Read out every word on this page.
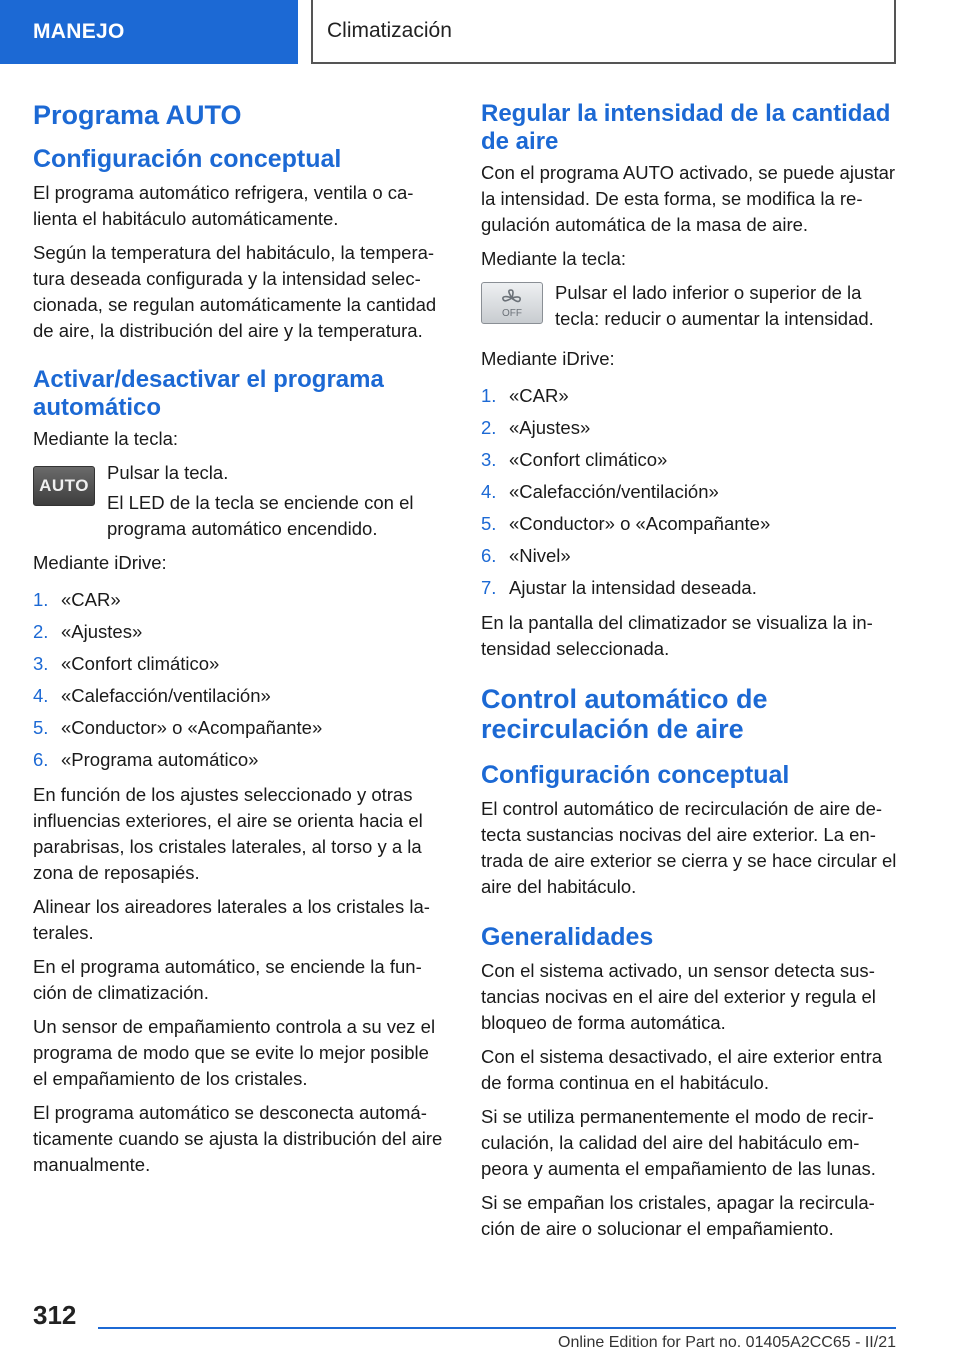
MANEJO	Climatización
Programa AUTO
Configuración conceptual

El programa automático refrigera, ventila o calienta el habitáculo automáticamente.

Según la temperatura del habitáculo, la temperatura deseada configurada y la intensidad seleccionada, se regulan automáticamente la cantidad de aire, la distribución del aire y la temperatura.

Activar/desactivar el programa automático

Mediante la tecla:

AUTO

Pulsar la tecla.

El LED de la tecla se enciende con el programa automático encendido.

Mediante iDrive:

1. «CAR»
2. «Ajustes»
3. «Confort climático»
4. «Calefacción/ventilación»
5. «Conductor» o «Acompañante»
6. «Programa automático»

En función de los ajustes seleccionado y otras influencias exteriores, el aire se orienta hacia el parabrisas, los cristales laterales, al torso y a la zona de reposapiés.

Alinear los aireadores laterales a los cristales laterales.

En el programa automático, se enciende la función de climatización.

Un sensor de empañamiento controla a su vez el programa de modo que se evite lo mejor posible el empañamiento de los cristales.

El programa automático se desconecta automáticamente cuando se ajusta la distribución del aire manualmente.

Regular la intensidad de la cantidad de aire

Con el programa AUTO activado, se puede ajustar la intensidad. De esta forma, se modifica la regulación automática de la masa de aire.

Mediante la tecla:

OFF

Pulsar el lado inferior o superior de la tecla: reducir o aumentar la intensidad.

Mediante iDrive:

1. «CAR»
2. «Ajustes»
3. «Confort climático»
4. «Calefacción/ventilación»
5. «Conductor» o «Acompañante»
6. «Nivel»
7. Ajustar la intensidad deseada.

En la pantalla del climatizador se visualiza la intensidad seleccionada.

Control automático de recirculación de aire
Configuración conceptual

El control automático de recirculación de aire detecta sustancias nocivas del aire exterior. La entrada de aire exterior se cierra y se hace circular el aire del habitáculo.

Generalidades

Con el sistema activado, un sensor detecta sustancias nocivas en el aire del exterior y regula el bloqueo de forma automática.

Con el sistema desactivado, el aire exterior entra de forma continua en el habitáculo.

Si se utiliza permanentemente el modo de recirculación, la calidad del aire del habitáculo empeora y aumenta el empañamiento de las lunas.

Si se empañan los cristales, apagar la recirculación de aire o solucionar el empañamiento.

312
Online Edition for Part no. 01405A2CC65 - II/21
